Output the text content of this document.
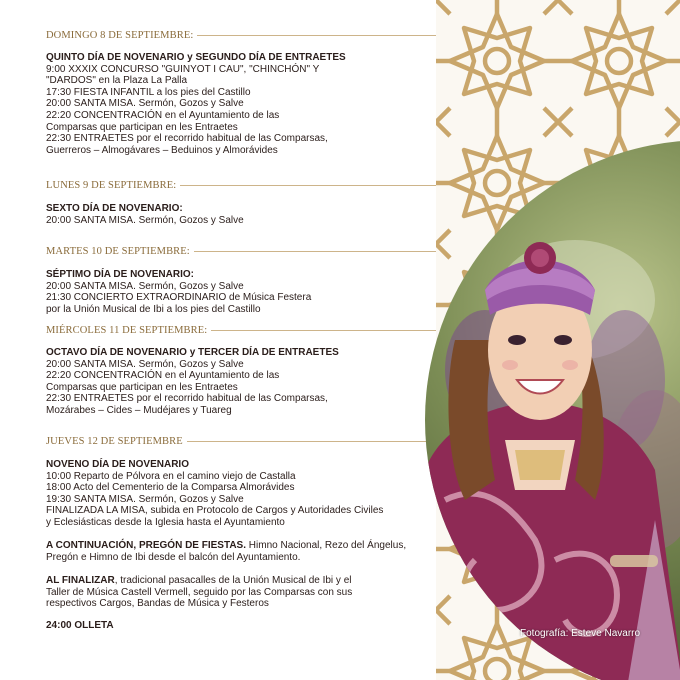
DOMINGO 8 DE SEPTIEMBRE:
QUINTO DÍA DE NOVENARIO y SEGUNDO DÍA DE ENTRAETES
9:00 XXXIX CONCURSO "GUINYOT I CAU", "CHINCHÓN" Y
"DARDOS" en la Plaza La Palla
17:30 FIESTA INFANTIL a los pies del Castillo
20:00 SANTA MISA. Sermón, Gozos y Salve
22:20 CONCENTRACIÓN en el Ayuntamiento de las
Comparsas que participan en les Entraetes
22:30 ENTRAETES por el recorrido habitual de las Comparsas,
Guerreros – Almogávares – Beduinos y Almorávides
LUNES 9 DE SEPTIEMBRE:
SEXTO DÍA DE NOVENARIO:
20:00 SANTA MISA. Sermón, Gozos y Salve
MARTES 10 DE SEPTIEMBRE:
SÉPTIMO DÍA DE NOVENARIO:
20:00 SANTA MISA. Sermón, Gozos y Salve
21:30 CONCIERTO EXTRAORDINARIO de Música Festera
por la Unión Musical de Ibi a los pies del Castillo
MIÉRCOLES 11 DE SEPTIEMBRE:
OCTAVO DÍA DE NOVENARIO y TERCER DÍA DE ENTRAETES
20:00 SANTA MISA. Sermón, Gozos y Salve
22:20 CONCENTRACIÓN en el Ayuntamiento de las
Comparsas que participan en les Entraetes
22:30 ENTRAETES por el recorrido habitual de las Comparsas,
Mozárabes – Cides – Mudéjares y Tuareg
JUEVES 12 DE SEPTIEMBRE
NOVENO DÍA DE NOVENARIO
10:00 Reparto de Pólvora en el camino viejo de Castalla
18:00 Acto del Cementerio de la Comparsa Almorávides
19:30 SANTA MISA. Sermón, Gozos y Salve
FINALIZADA LA MISA, subida en Protocolo de Cargos y Autoridades Civiles
y Eclesiásticas desde la Iglesia hasta el Ayuntamiento
A CONTINUACIÓN, PREGÓN DE FIESTAS. Himno Nacional, Rezo del Ángelus,
Pregón e Himno de Ibi desde el balcón del Ayuntamiento.
AL FINALIZAR, tradicional pasacalles de la Unión Musical de Ibi y el
Taller de Música Castell Vermell, seguido por las Comparsas con sus
respectivos Cargos, Bandas de Música y Festeros
24:00 OLLETA
Fotografía: Esteve Navarro
